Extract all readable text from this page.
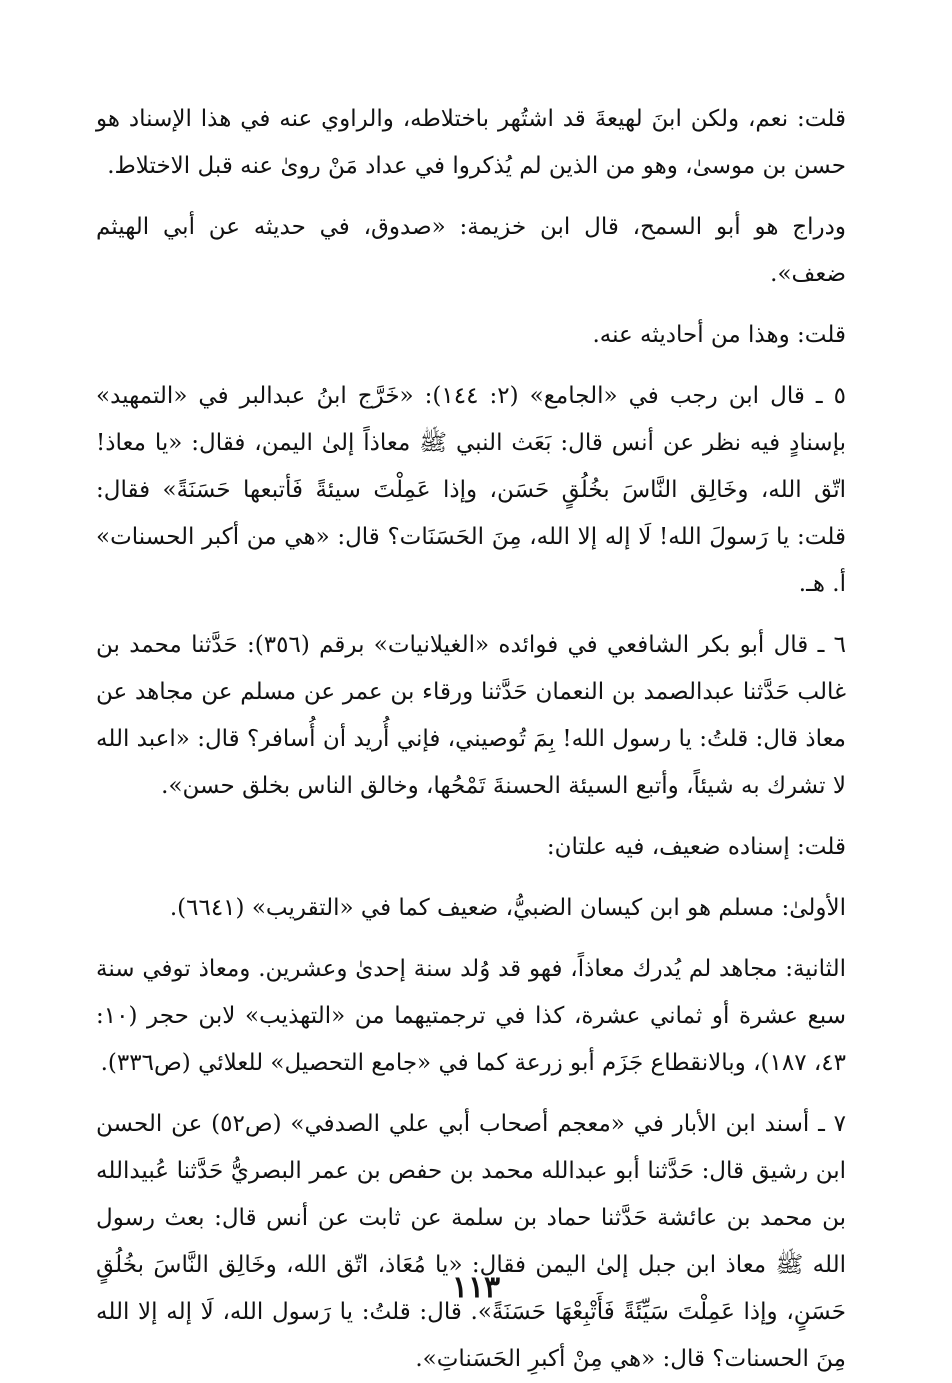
قلت: نعم، ولكن ابنَ لهيعةَ قد اشتُهر باختلاطه، والراوي عنه في هذا الإسناد هو حسن بن موسىٰ، وهو من الذين لم يُذكروا في عداد مَنْ روىٰ عنه قبل الاختلاط.

ودراج هو أبو السمح، قال ابن خزيمة: «صدوق، في حديثه عن أبي الهيثم ضعف».

قلت: وهذا من أحاديثه عنه.

٥ ـ قال ابن رجب في «الجامع» (٢: ١٤٤): «خَرَّج ابنُ عبدالبر في «التمهيد» بإسنادٍ فيه نظر عن أنس قال: بَعَث النبي ﷺ معاذاً إلىٰ اليمن، فقال: «يا معاذ! اتّق الله، وخَالِق النَّاسَ بخُلُقٍ حَسَن، وإذا عَمِلْتَ سيئةً فَأتبعها حَسَنَةً» فقال: قلت: يا رَسولَ الله! لَا إله إلا الله، مِنَ الحَسَنَات؟ قال: «هي من أكبر الحسنات» أ. هـ.

٦ ـ قال أبو بكر الشافعي في فوائده «الغيلانيات» برقم (٣٥٦): حَدَّثنا محمد بن غالب حَدَّثنا عبدالصمد بن النعمان حَدَّثنا ورقاء بن عمر عن مسلم عن مجاهد عن معاذ قال: قلتُ: يا رسول الله! بِمَ تُوصيني، فإني أُريد أن أُسافر؟ قال: «اعبد الله لا تشرك به شيئاً، وأتبع السيئة الحسنةَ تَمْحُها، وخالق الناس بخلق حسن».

قلت: إسناده ضعيف، فيه علتان:

الأولىٰ: مسلم هو ابن كيسان الضبيُّ، ضعيف كما في «التقريب» (٦٦٤١).

الثانية: مجاهد لم يُدرك معاذاً، فهو قد وُلد سنة إحدىٰ وعشرين. ومعاذ توفي سنة سبع عشرة أو ثماني عشرة، كذا في ترجمتيهما من «التهذيب» لابن حجر (١٠: ٤٣، ١٨٧)، وبالانقطاع جَزَم أبو زرعة كما في «جامع التحصيل» للعلائي (ص٣٣٦).

٧ ـ أسند ابن الأبار في «معجم أصحاب أبي علي الصدفي» (ص٥٢) عن الحسن ابن رشيق قال: حَدَّثنا أبو عبدالله محمد بن حفص بن عمر البصريُّ حَدَّثنا عُبيدالله بن محمد بن عائشة حَدَّثنا حماد بن سلمة عن ثابت عن أنس قال: بعث رسول الله ﷺ معاذ ابن جبل إلىٰ اليمن فقال: «يا مُعَاذ، اتّق الله، وخَالِق النَّاسَ بخُلُقٍ حَسَنٍ، وإذا عَمِلْتَ سَيِّئَةً فَأَتْبِعْهَا حَسَنَةً». قال: قلتُ: يا رَسول الله، لَا إله إلا الله مِنَ الحسنات؟ قال: «هي مِنْ أكبرِ الحَسَناتِ».

١١٣
